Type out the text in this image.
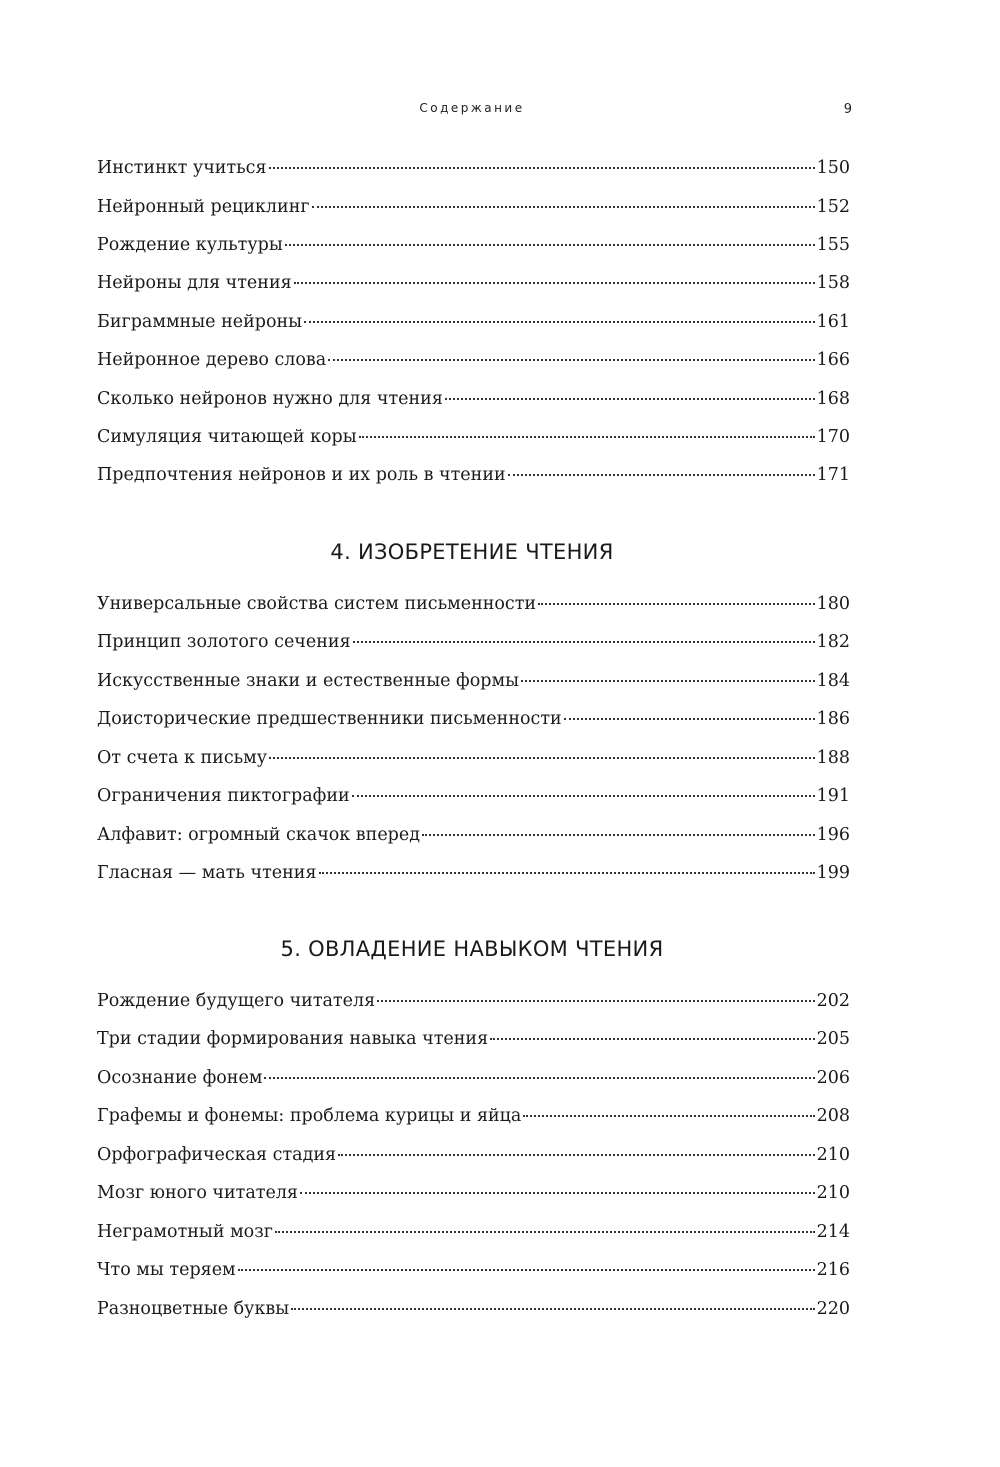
Содержание	9
Инстинкт учиться	150
Нейронный рециклинг	152
Рождение культуры	155
Нейроны для чтения	158
Биграммные нейроны	161
Нейронное дерево слова	166
Сколько нейронов нужно для чтения	168
Симуляция читающей коры	170
Предпочтения нейронов и их роль в чтении	171
4. ИЗОБРЕТЕНИЕ ЧТЕНИЯ
Универсальные свойства систем письменности	180
Принцип золотого сечения	182
Искусственные знаки и естественные формы	184
Доисторические предшественники письменности	186
От счета к письму	188
Ограничения пиктографии	191
Алфавит: огромный скачок вперед	196
Гласная — мать чтения	199
5. ОВЛАДЕНИЕ НАВЫКОМ ЧТЕНИЯ
Рождение будущего читателя	202
Три стадии формирования навыка чтения	205
Осознание фонем	206
Графемы и фонемы: проблема курицы и яйца	208
Орфографическая стадия	210
Мозг юного читателя	210
Неграмотный мозг	214
Что мы теряем	216
Разноцветные буквы	220
